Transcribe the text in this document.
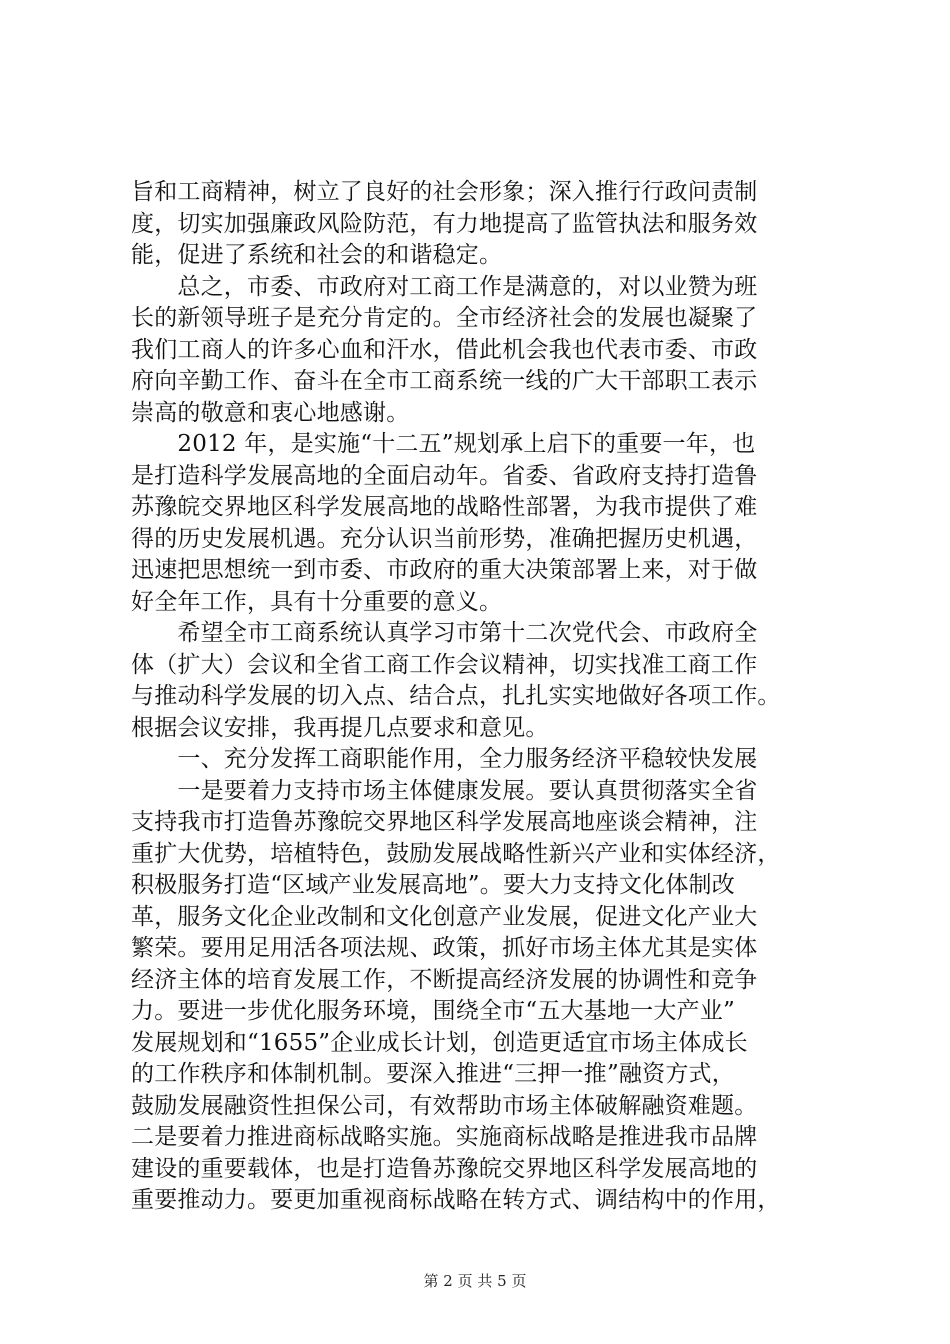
旨和工商精神，树立了良好的社会形象；深入推行行政问责制
度，切实加强廉政风险防范，有力地提高了监管执法和服务效
能，促进了系统和社会的和谐稳定。
　　总之，市委、市政府对工商工作是满意的，对以业赞为班
长的新领导班子是充分肯定的。全市经济社会的发展也凝聚了
我们工商人的许多心血和汗水，借此机会我也代表市委、市政
府向辛勤工作、奋斗在全市工商系统一线的广大干部职工表示
崇高的敬意和衷心地感谢。
　　2012 年，是实施“十二五”规划承上启下的重要一年，也
是打造科学发展高地的全面启动年。省委、省政府支持打造鲁
苏豫皖交界地区科学发展高地的战略性部署，为我市提供了难
得的历史发展机遇。充分认识当前形势，准确把握历史机遇，
迅速把思想统一到市委、市政府的重大决策部署上来，对于做
好全年工作，具有十分重要的意义。
　　希望全市工商系统认真学习市第十二次党代会、市政府全
体（扩大）会议和全省工商工作会议精神，切实找准工商工作
与推动科学发展的切入点、结合点，扎扎实实地做好各项工作。
根据会议安排，我再提几点要求和意见。
　　一、充分发挥工商职能作用，全力服务经济平稳较快发展
　　一是要着力支持市场主体健康发展。要认真贯彻落实全省
支持我市打造鲁苏豫皖交界地区科学发展高地座谈会精神，注
重扩大优势，培植特色，鼓励发展战略性新兴产业和实体经济，
积极服务打造“区域产业发展高地”。要大力支持文化体制改
革，服务文化企业改制和文化创意产业发展，促进文化产业大
繁荣。要用足用活各项法规、政策，抓好市场主体尤其是实体
经济主体的培育发展工作，不断提高经济发展的协调性和竞争
力。要进一步优化服务环境，围绕全市“五大基地一大产业”
发展规划和“1655”企业成长计划，创造更适宜市场主体成长
的工作秩序和体制机制。要深入推进“三押一推”融资方式，
鼓励发展融资性担保公司，有效帮助市场主体破解融资难题。
二是要着力推进商标战略实施。实施商标战略是推进我市品牌
建设的重要载体，也是打造鲁苏豫皖交界地区科学发展高地的
重要推动力。要更加重视商标战略在转方式、调结构中的作用，
第 2 页 共 5 页
